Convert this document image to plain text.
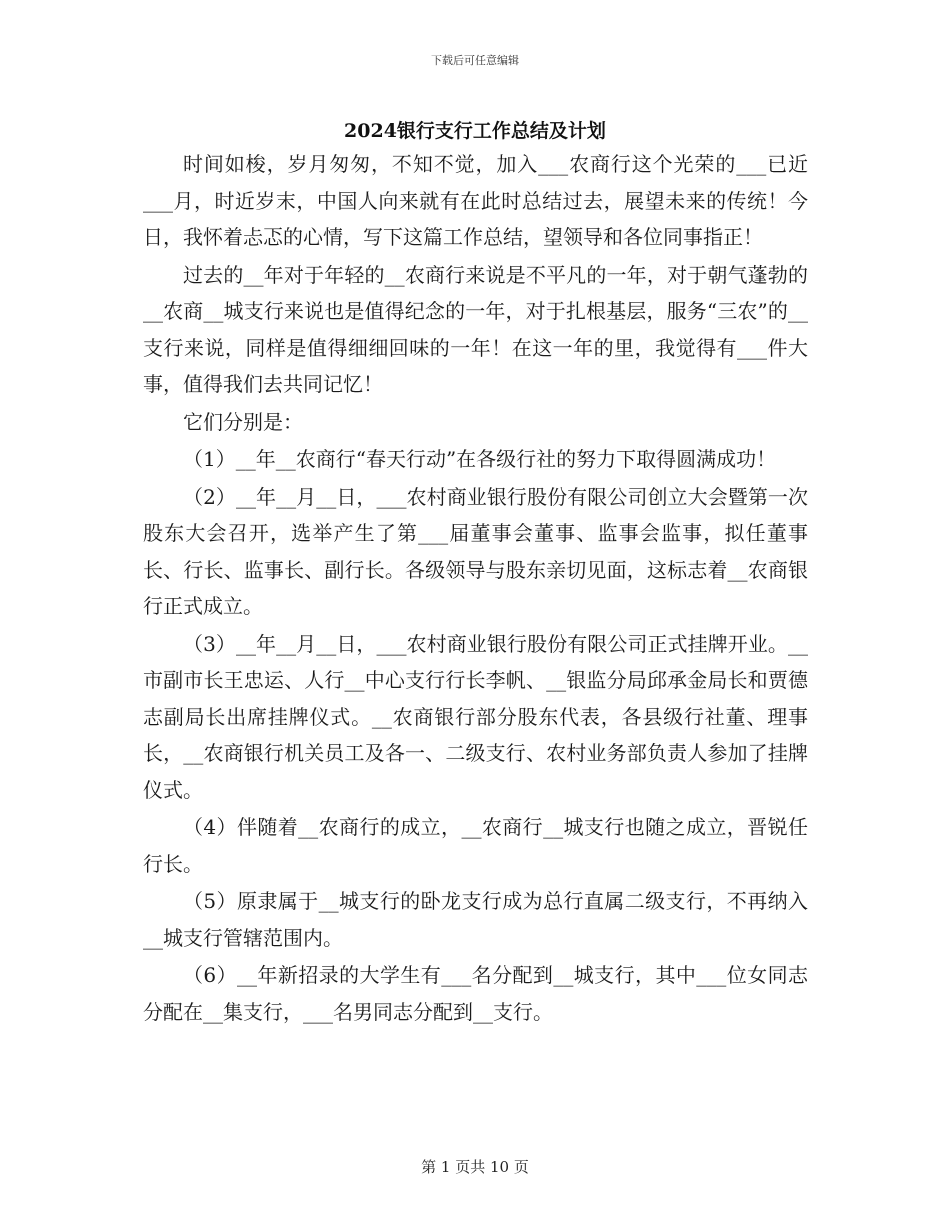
下载后可任意编辑
2024银行支行工作总结及计划

时间如梭，岁月匆匆，不知不觉，加入___农商行这个光荣的___已近___月，时近岁末，中国人向来就有在此时总结过去，展望未来的传统！今日，我怀着忐忑的心情，写下这篇工作总结，望领导和各位同事指正！

过去的__年对于年轻的__农商行来说是不平凡的一年，对于朝气蓬勃的__农商__城支行来说也是值得纪念的一年，对于扎根基层，服务“三农”的__支行来说，同样是值得细细回味的一年！在这一年的里，我觉得有___件大事，值得我们去共同记忆！

它们分别是：

（1）__年__农商行“春天行动”在各级行社的努力下取得圆满成功！

（2）__年__月__日，___农村商业银行股份有限公司创立大会暨第一次股东大会召开，选举产生了第___届董事会董事、监事会监事，拟任董事长、行长、监事长、副行长。各级领导与股东亲切见面，这标志着__农商银行正式成立。

（3）__年__月__日，___农村商业银行股份有限公司正式挂牌开业。__市副市长王忠运、人行__中心支行行长李帆、__银监分局邱承金局长和贾德志副局长出席挂牌仪式。__农商银行部分股东代表，各县级行社董、理事长，__农商银行机关员工及各一、二级支行、农村业务部负责人参加了挂牌仪式。

（4）伴随着__农商行的成立，__农商行__城支行也随之成立，晋锐任行长。

（5）原隶属于__城支行的卧龙支行成为总行直属二级支行，不再纳入__城支行管辖范围内。

（6）__年新招录的大学生有___名分配到__城支行，其中___位女同志分配在__集支行，___名男同志分配到__支行。

第 1 页共 10 页
